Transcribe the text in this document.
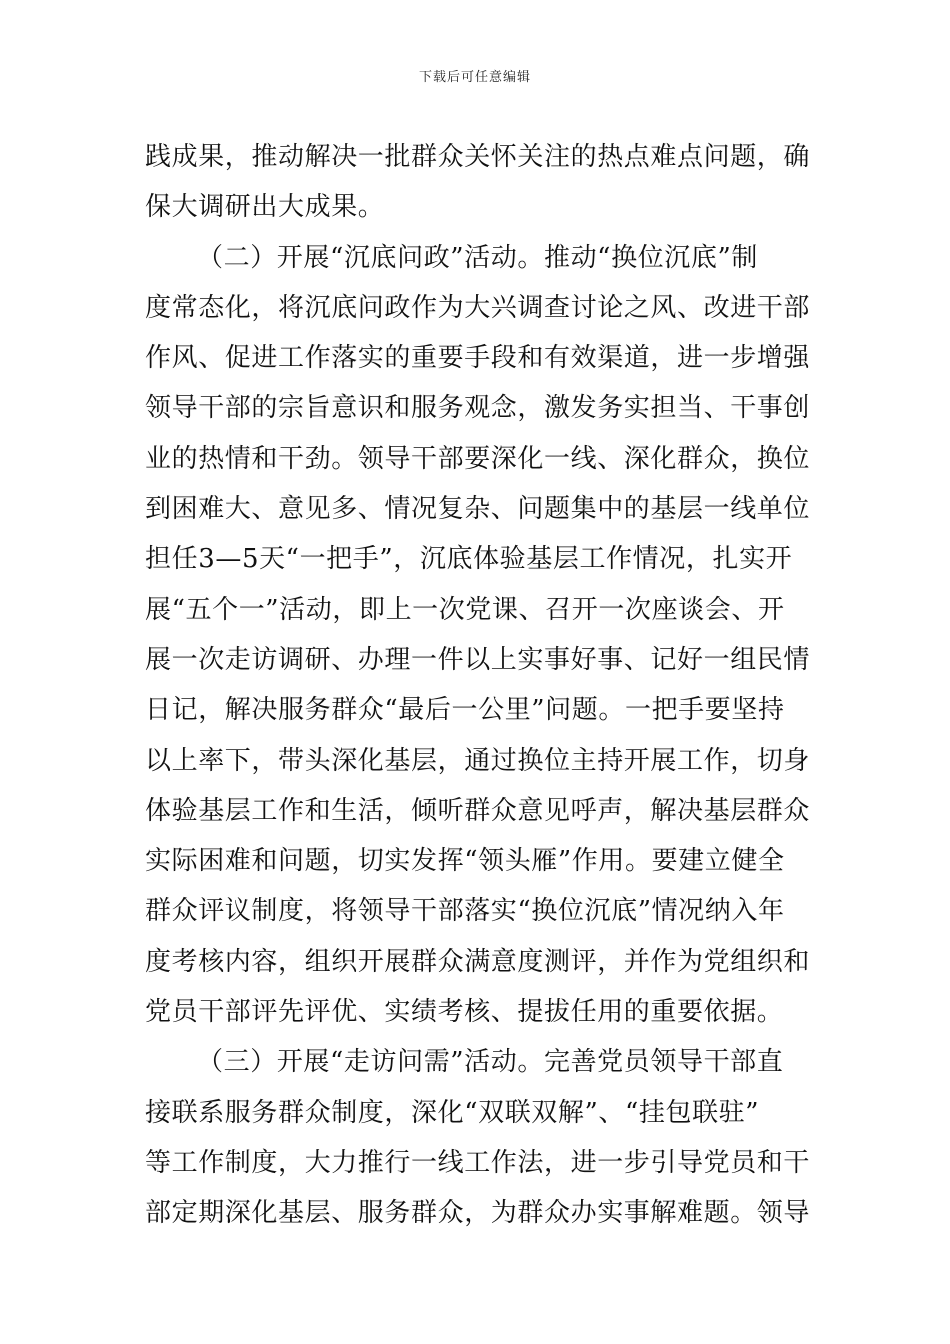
下载后可任意编辑
践成果，推动解决一批群众关怀关注的热点难点问题，确
保大调研出大成果。
（二）开展“沉底问政”活动。推动“换位沉底”制
度常态化，将沉底问政作为大兴调查讨论之风、改进干部
作风、促进工作落实的重要手段和有效渠道，进一步增强
领导干部的宗旨意识和服务观念，激发务实担当、干事创
业的热情和干劲。领导干部要深化一线、深化群众，换位
到困难大、意见多、情况复杂、问题集中的基层一线单位
担任3—5天“一把手”，沉底体验基层工作情况，扎实开
展“五个一”活动，即上一次党课、召开一次座谈会、开
展一次走访调研、办理一件以上实事好事、记好一组民情
日记，解决服务群众“最后一公里”问题。一把手要坚持
以上率下，带头深化基层，通过换位主持开展工作，切身
体验基层工作和生活，倾听群众意见呼声，解决基层群众
实际困难和问题，切实发挥“领头雁”作用。要建立健全
群众评议制度，将领导干部落实“换位沉底”情况纳入年
度考核内容，组织开展群众满意度测评，并作为党组织和
党员干部评先评优、实绩考核、提拔任用的重要依据。
（三）开展“走访问需”活动。完善党员领导干部直
接联系服务群众制度，深化“双联双解”、“挂包联驻”
等工作制度，大力推行一线工作法，进一步引导党员和干
部定期深化基层、服务群众，为群众办实事解难题。领导
